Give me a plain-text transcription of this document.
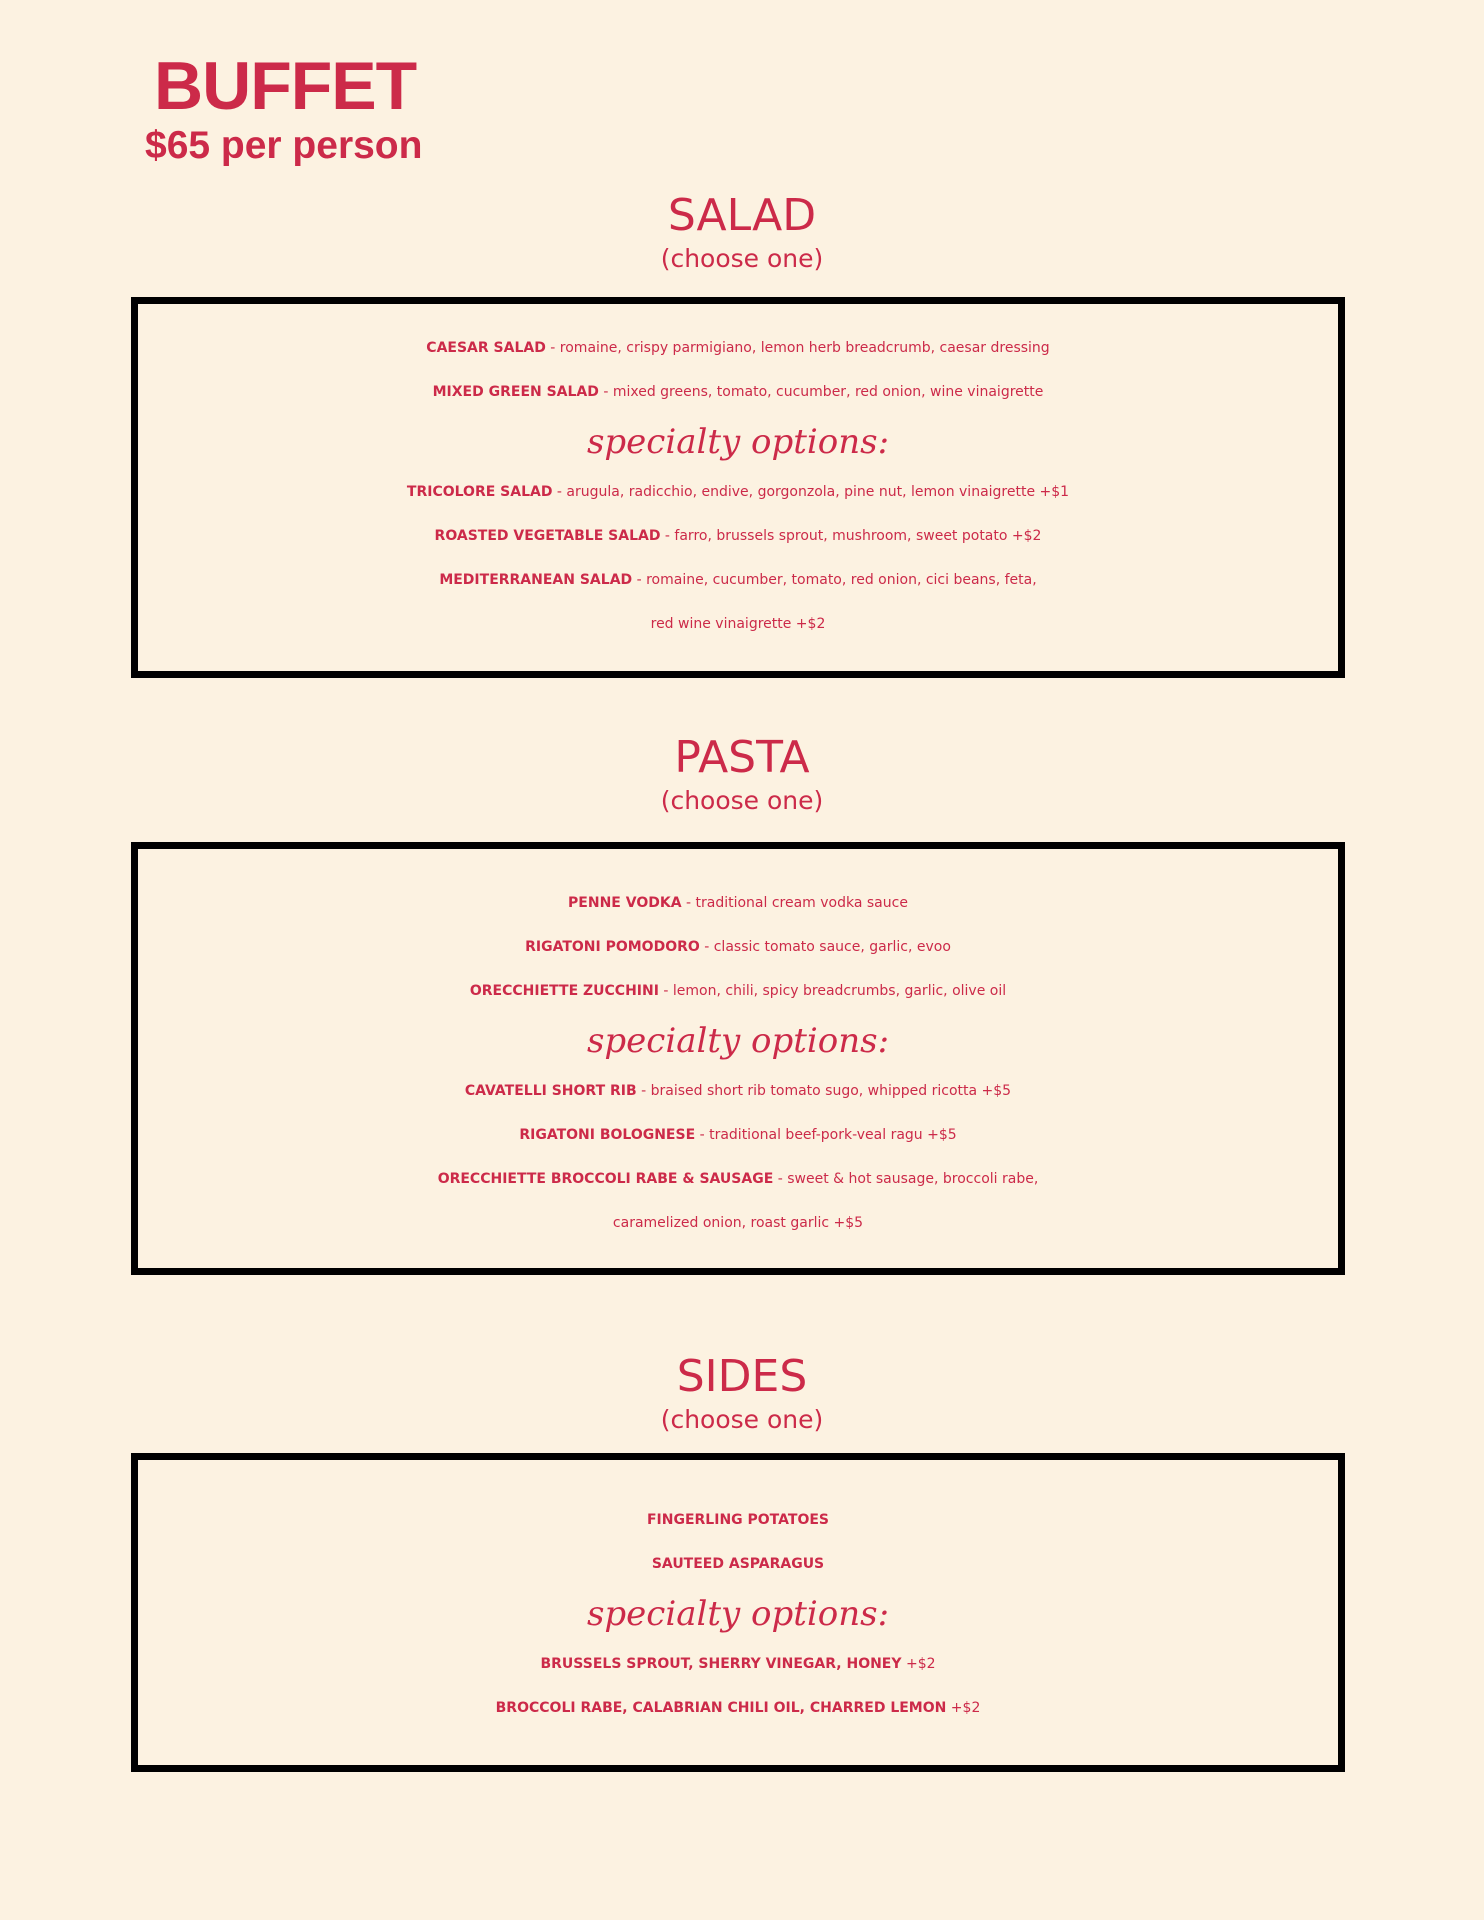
BUFFET
$65 per person
SALAD
(choose one)
CAESAR SALAD - romaine, crispy parmigiano, lemon herb breadcrumb, caesar dressing
MIXED GREEN SALAD - mixed greens, tomato, cucumber, red onion, wine vinaigrette
specialty options:
TRICOLORE SALAD - arugula, radicchio, endive, gorgonzola, pine nut, lemon vinaigrette +$1
ROASTED VEGETABLE SALAD - farro, brussels sprout, mushroom, sweet potato +$2
MEDITERRANEAN SALAD - romaine, cucumber, tomato, red onion, cici beans, feta,
red wine vinaigrette +$2
PASTA
(choose one)
PENNE VODKA - traditional cream vodka sauce
RIGATONI POMODORO - classic tomato sauce, garlic, evoo
ORECCHIETTE ZUCCHINI - lemon, chili, spicy breadcrumbs, garlic, olive oil
specialty options:
CAVATELLI SHORT RIB - braised short rib tomato sugo, whipped ricotta +$5
RIGATONI BOLOGNESE - traditional beef-pork-veal ragu +$5
ORECCHIETTE BROCCOLI RABE & SAUSAGE - sweet & hot sausage, broccoli rabe,
caramelized onion, roast garlic +$5
SIDES
(choose one)
FINGERLING POTATOES
SAUTEED ASPARAGUS
specialty options:
BRUSSELS SPROUT, SHERRY VINEGAR, HONEY +$2
BROCCOLI RABE, CALABRIAN CHILI OIL, CHARRED LEMON +$2
